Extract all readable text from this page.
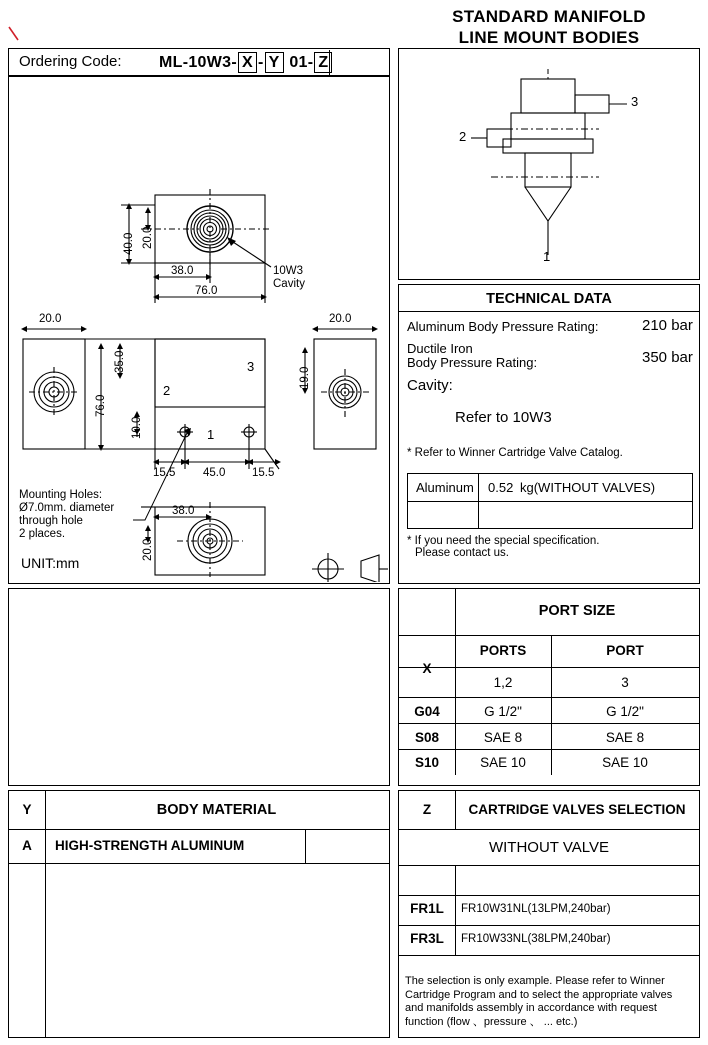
STANDARD MANIFOLD
LINE MOUNT BODIES
Ordering Code: ML-10W3- X - Y 01- Z
40.0 20.0
38.0
76.0
20.0	20.0
35.0
76.0
10.0
19.0
15.5 45.0 15.5
38.0
20.0
1
2
3
10W3
Cavity
Mounting Holes:
Ø7.0mm. diameter
through hole
2 places.
UNIT:mm
3
2
1
TECHNICAL DATA
Aluminum Body Pressure Rating:	210 bar
Ductile Iron
Body Pressure Rating:	350 bar
Cavity:
Refer to 10W3
* Refer to Winner Cartridge Valve Catalog.
Aluminum 0.52 kg(WITHOUT VALVES)
* If you need the special specification.
Please contact us.
PORT SIZE
X
PORTS	PORT
1,2	3
G04	G 1/2"	G 1/2"
S08	SAE 8	SAE 8
S10	SAE 10	SAE 10
Y	BODY MATERIAL
A	HIGH-STRENGTH ALUMINUM
Z	CARTRIDGE VALVES SELECTION
WITHOUT VALVE
FR1L	FR10W31NL(13LPM,240bar)
FR3L	FR10W33NL(38LPM,240bar)
The selection is only example. Please refer to Winner
Cartridge Program and to select the appropriate valves
and manifolds assembly in accordance with request
function (flow 、pressure 、 ... etc.)
